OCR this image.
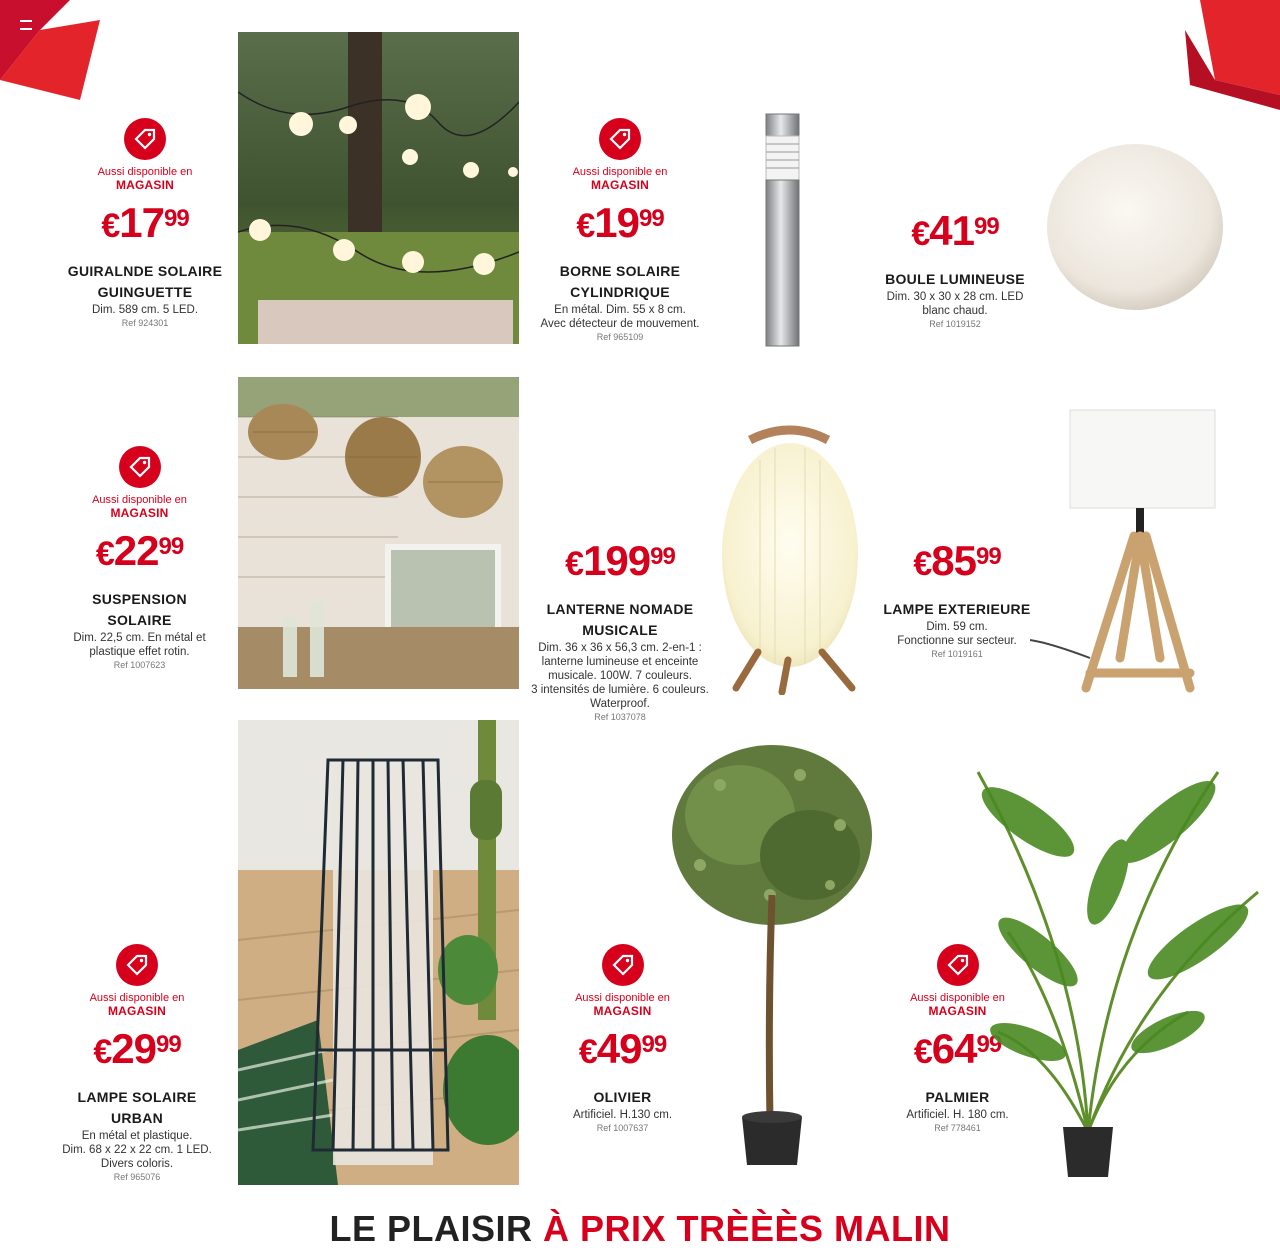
Aussi disponible en
MAGASIN
$€17^{99}$
GUIRALNDE SOLAIRE
GUINGUETTE
Dim. 589 cm. 5 LED.
Ref 924301
Aussi disponible en
MAGASIN
$€19^{99}$
BORNE SOLAIRE
CYLINDRIQUE
En métal. Dim. 55 x 8 cm.
Avec détecteur de mouvement.
Ref 965109
$€41^{99}$
BOULE LUMINEUSE
Dim. 30 x 30 x 28 cm. LED
blanc chaud.
Ref 1019152
Aussi disponible en
MAGASIN
$€22^{99}$
SUSPENSION
SOLAIRE
Dim. 22,5 cm. En métal et
plastique effet rotin.
Ref 1007623
$€199^{99}$
LANTERNE NOMADE
MUSICALE
Dim. 36 x 36 x 56,3 cm. 2-en-1 :
lanterne lumineuse et enceinte
musicale. 100W. 7 couleurs.
3 intensités de lumière. 6 couleurs.
Waterproof.
Ref 1037078
$€85^{99}$
LAMPE EXTERIEURE
Dim. 59 cm.
Fonctionne sur secteur.
Ref 1019161
Aussi disponible en
MAGASIN
$€29^{99}$
LAMPE SOLAIRE URBAN
En métal et plastique.
Dim. 68 x 22 x 22 cm. 1 LED.
Divers coloris.
Ref 965076
Aussi disponible en
MAGASIN
$€49^{99}$
OLIVIER
Artificiel. H.130 cm.
Ref 1007637
Aussi disponible en
MAGASIN
$€64^{99}$
PALMIER
Artificiel. H. 180 cm.
Ref 778461
LE PLAISIR À PRIX TRÈÈÈS MALIN
